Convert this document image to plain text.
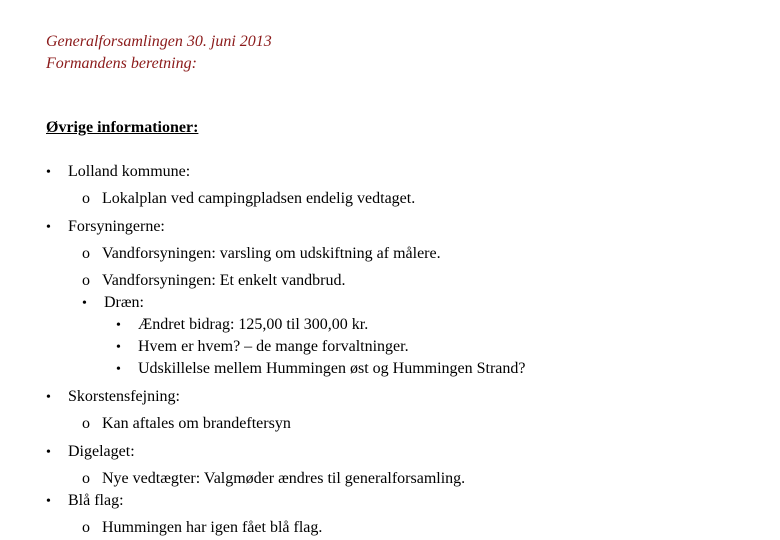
Generalforsamlingen 30. juni 2013
Formandens beretning:
Øvrige informationer:
•	Lolland kommune:
o Lokalplan ved campingpladsen endelig vedtaget.
•	Forsyningerne:
o Vandforsyningen: varsling om udskiftning af målere.
o Vandforsyningen: Et enkelt vandbrud.
•	Dræn:
•	Ændret bidrag: 125,00 til 300,00 kr.
•	Hvem er hvem? – de mange forvaltninger.
•	Udskillelse mellem Hummingen øst og Hummingen Strand?
•	Skorstensfejning:
o Kan aftales om brandeftersyn
•	Digelaget:
o Nye vedtægter: Valgmøder ændres til generalforsamling.
•	Blå flag:
o Hummingen har igen fået blå flag.
